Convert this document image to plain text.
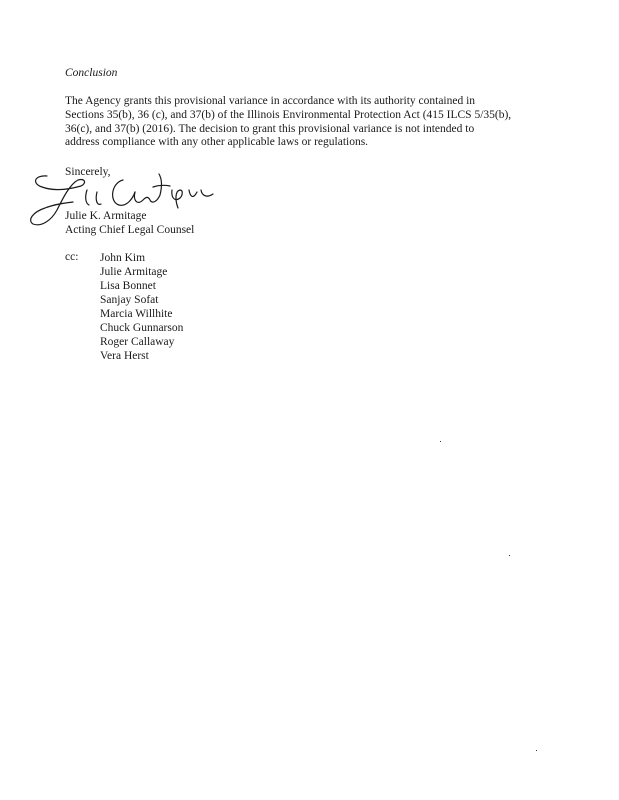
Conclusion
The Agency grants this provisional variance in accordance with its authority contained in
Sections 35(b), 36 (c), and 37(b) of the Illinois Environmental Protection Act (415 ILCS 5/35(b),
36(c), and 37(b) (2016). The decision to grant this provisional variance is not intended to
address compliance with any other applicable laws or regulations.
Sincerely,
Julie K. Armitage
Acting Chief Legal Counsel
cc: John Kim
Julie Armitage
Lisa Bonnet
Sanjay Sofat
Marcia Willhite
Chuck Gunnarson
Roger Callaway
Vera Herst
